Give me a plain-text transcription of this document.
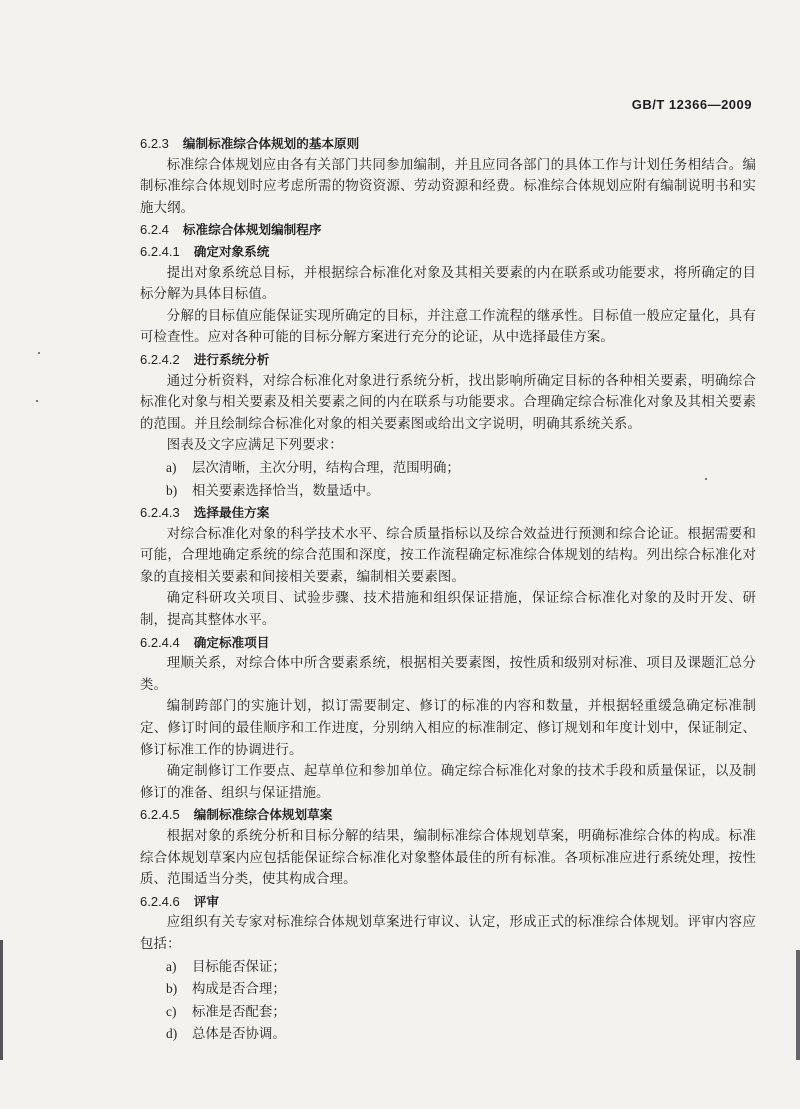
GB/T 12366—2009
6.2.3 编制标准综合体规划的基本原则

标准综合体规划应由各有关部门共同参加编制，并且应同各部门的具体工作与计划任务相结合。编制标准综合体规划时应考虑所需的物资资源、劳动资源和经费。标准综合体规划应附有编制说明书和实施大纲。

6.2.4 标准综合体规划编制程序
6.2.4.1 确定对象系统

提出对象系统总目标，并根据综合标准化对象及其相关要素的内在联系或功能要求，将所确定的目标分解为具体目标值。

分解的目标值应能保证实现所确定的目标，并注意工作流程的继承性。目标值一般应定量化，具有可检查性。应对各种可能的目标分解方案进行充分的论证，从中选择最佳方案。

6.2.4.2 进行系统分析

通过分析资料，对综合标准化对象进行系统分析，找出影响所确定目标的各种相关要素，明确综合标准化对象与相关要素及相关要素之间的内在联系与功能要求。合理确定综合标准化对象及其相关要素的范围。并且绘制综合标准化对象的相关要素图或给出文字说明，明确其系统关系。

图表及文字应满足下列要求：

a) 层次清晰，主次分明，结构合理，范围明确；
b) 相关要素选择恰当，数量适中。
6.2.4.3 选择最佳方案

对综合标准化对象的科学技术水平、综合质量指标以及综合效益进行预测和综合论证。根据需要和可能，合理地确定系统的综合范围和深度，按工作流程确定标准综合体规划的结构。列出综合标准化对象的直接相关要素和间接相关要素，编制相关要素图。

确定科研攻关项目、试验步骤、技术措施和组织保证措施，保证综合标准化对象的及时开发、研制，提高其整体水平。

6.2.4.4 确定标准项目

理顺关系，对综合体中所含要素系统，根据相关要素图，按性质和级别对标准、项目及课题汇总分类。

编制跨部门的实施计划，拟订需要制定、修订的标准的内容和数量，并根据轻重缓急确定标准制定、修订时间的最佳顺序和工作进度，分别纳入相应的标准制定、修订规划和年度计划中，保证制定、修订标准工作的协调进行。

确定制修订工作要点、起草单位和参加单位。确定综合标准化对象的技术手段和质量保证，以及制修订的准备、组织与保证措施。

6.2.4.5 编制标准综合体规划草案

根据对象的系统分析和目标分解的结果，编制标准综合体规划草案，明确标准综合体的构成。标准综合体规划草案内应包括能保证综合标准化对象整体最佳的所有标准。各项标准应进行系统处理，按性质、范围适当分类，使其构成合理。

6.2.4.6 评审

应组织有关专家对标准综合体规划草案进行审议、认定，形成正式的标准综合体规划。评审内容应包括：

a) 目标能否保证；
b) 构成是否合理；
c) 标准是否配套；
d) 总体是否协调。
